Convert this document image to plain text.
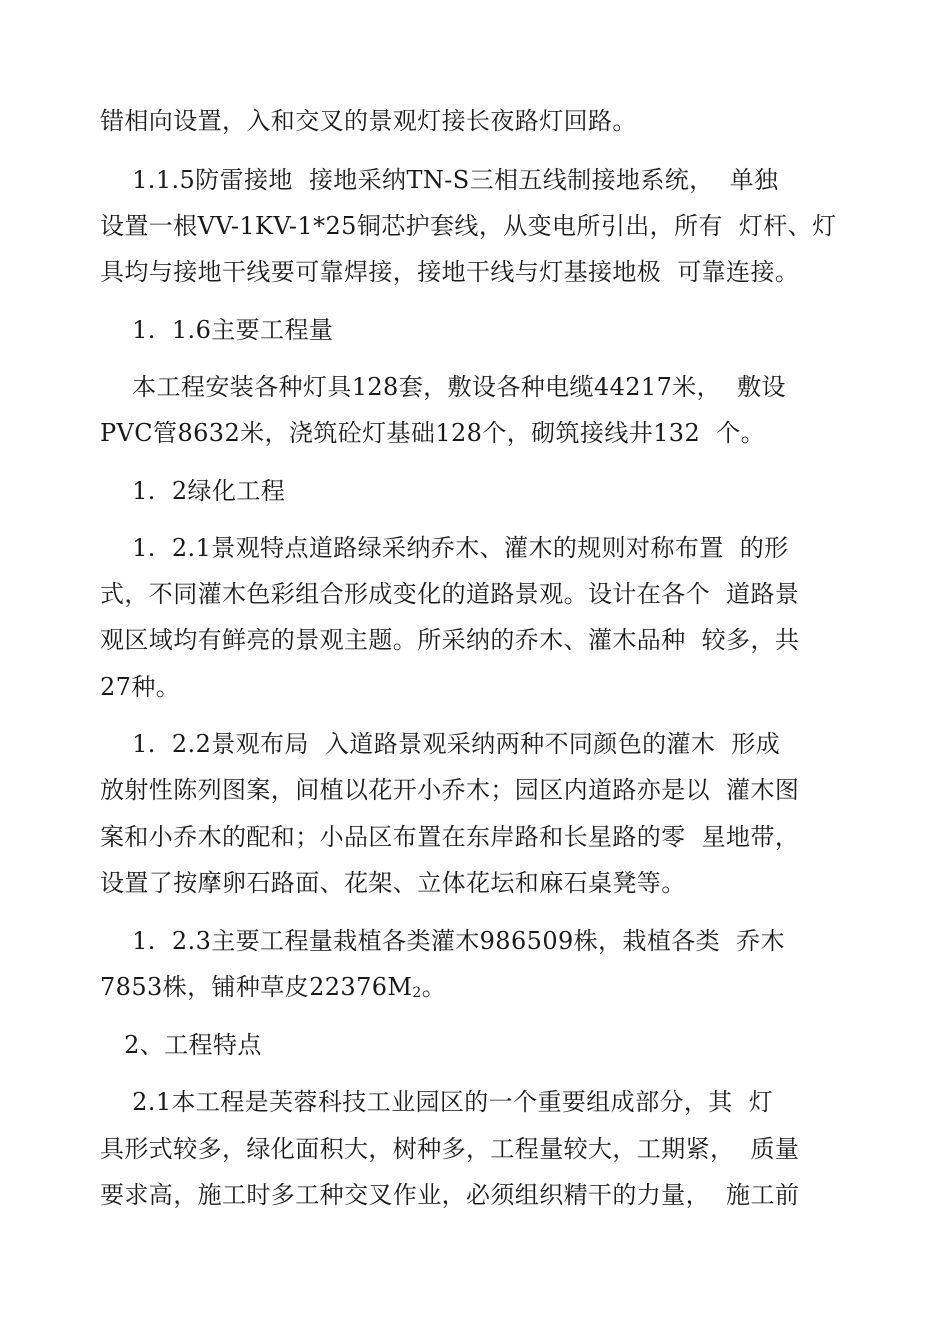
错相向设置，入和交叉的景观灯接长夜路灯回路。
1.1.5防雷接地  接地采纳TN-S三相五线制接地系统，  单独
设置一根VV-1KV-1*25铜芯护套线，从变电所引出，所有  灯杆、灯
具均与接地干线要可靠焊接，接地干线与灯基接地极  可靠连接。
1.  1.6主要工程量
本工程安装各种灯具128套，敷设各种电缆44217米，  敷设
PVC管8632米，浇筑砼灯基础128个，砌筑接线井132  个。
1.  2绿化工程
1.  2.1景观特点道路绿采纳乔木、灌木的规则对称布置  的形
式，不同灌木色彩组合形成变化的道路景观。设计在各个  道路景
观区域均有鲜亮的景观主题。所采纳的乔木、灌木品种  较多，共
27种。
1.  2.2景观布局  入道路景观采纳两种不同颜色的灌木  形成
放射性陈列图案，间植以花开小乔木；园区内道路亦是以  灌木图
案和小乔木的配和；小品区布置在东岸路和长星路的零  星地带，
设置了按摩卵石路面、花架、立体花坛和麻石桌凳等。
1.  2.3主要工程量栽植各类灌木986509株，栽植各类  乔木
7853株，铺种草皮$22376M_2$。
2、工程特点
2.1本工程是芙蓉科技工业园区的一个重要组成部分，其  灯
具形式较多，绿化面积大，树种多，工程量较大，工期紧，  质量
要求高，施工时多工种交叉作业，必须组织精干的力量，  施工前
